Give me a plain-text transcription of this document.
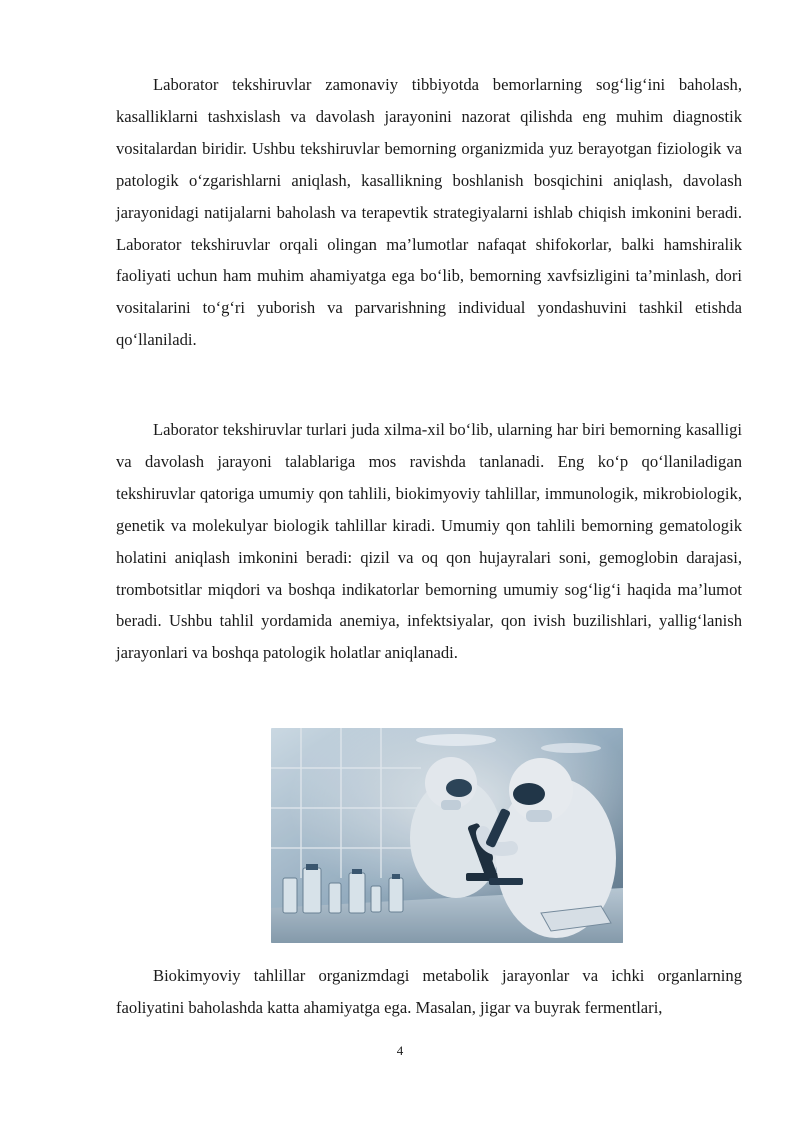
Laborator tekshiruvlar zamonaviy tibbiyotda bemorlarning sog‘lig‘ini baholash, kasalliklarni tashxislash va davolash jarayonini nazorat qilishda eng muhim diagnostik vositalardan biridir. Ushbu tekshiruvlar bemorning organizmida yuz berayotgan fiziologik va patologik o‘zgarishlarni aniqlash, kasallikning boshlanish bosqichini aniqlash, davolash jarayonidagi natijalarni baholash va terapevtik strategiyalarni ishlab chiqish imkonini beradi. Laborator tekshiruvlar orqali olingan ma’lumotlar nafaqat shifokorlar, balki hamshiralik faoliyati uchun ham muhim ahamiyatga ega bo‘lib, bemorning xavfsizligini ta’minlash, dori vositalarini to‘g‘ri yuborish va parvarishning individual yondashuvini tashkil etishda qo‘llaniladi.

Laborator tekshiruvlar turlari juda xilma-xil bo‘lib, ularning har biri bemorning kasalligi va davolash jarayoni talablariga mos ravishda tanlanadi. Eng ko‘p qo‘llaniladigan tekshiruvlar qatoriga umumiy qon tahlili, biokimyoviy tahlillar, immunologik, mikrobiologik, genetik va molekulyar biologik tahlillar kiradi. Umumiy qon tahlili bemorning gematologik holatini aniqlash imkonini beradi: qizil va oq qon hujayralari soni, gemoglobin darajasi, trombotsitlar miqdori va boshqa indikatorlar bemorning umumiy sog‘lig‘i haqida ma’lumot beradi. Ushbu tahlil yordamida anemiya, infektsiyalar, qon ivish buzilishlari, yallig‘lanish jarayonlari va boshqa patologik holatlar aniqlanadi.

Biokimyoviy tahlillar organizmdagi metabolik jarayonlar va ichki organlarning faoliyatini baholashda katta ahamiyatga ega. Masalan, jigar va buyrak fermentlari,

4
